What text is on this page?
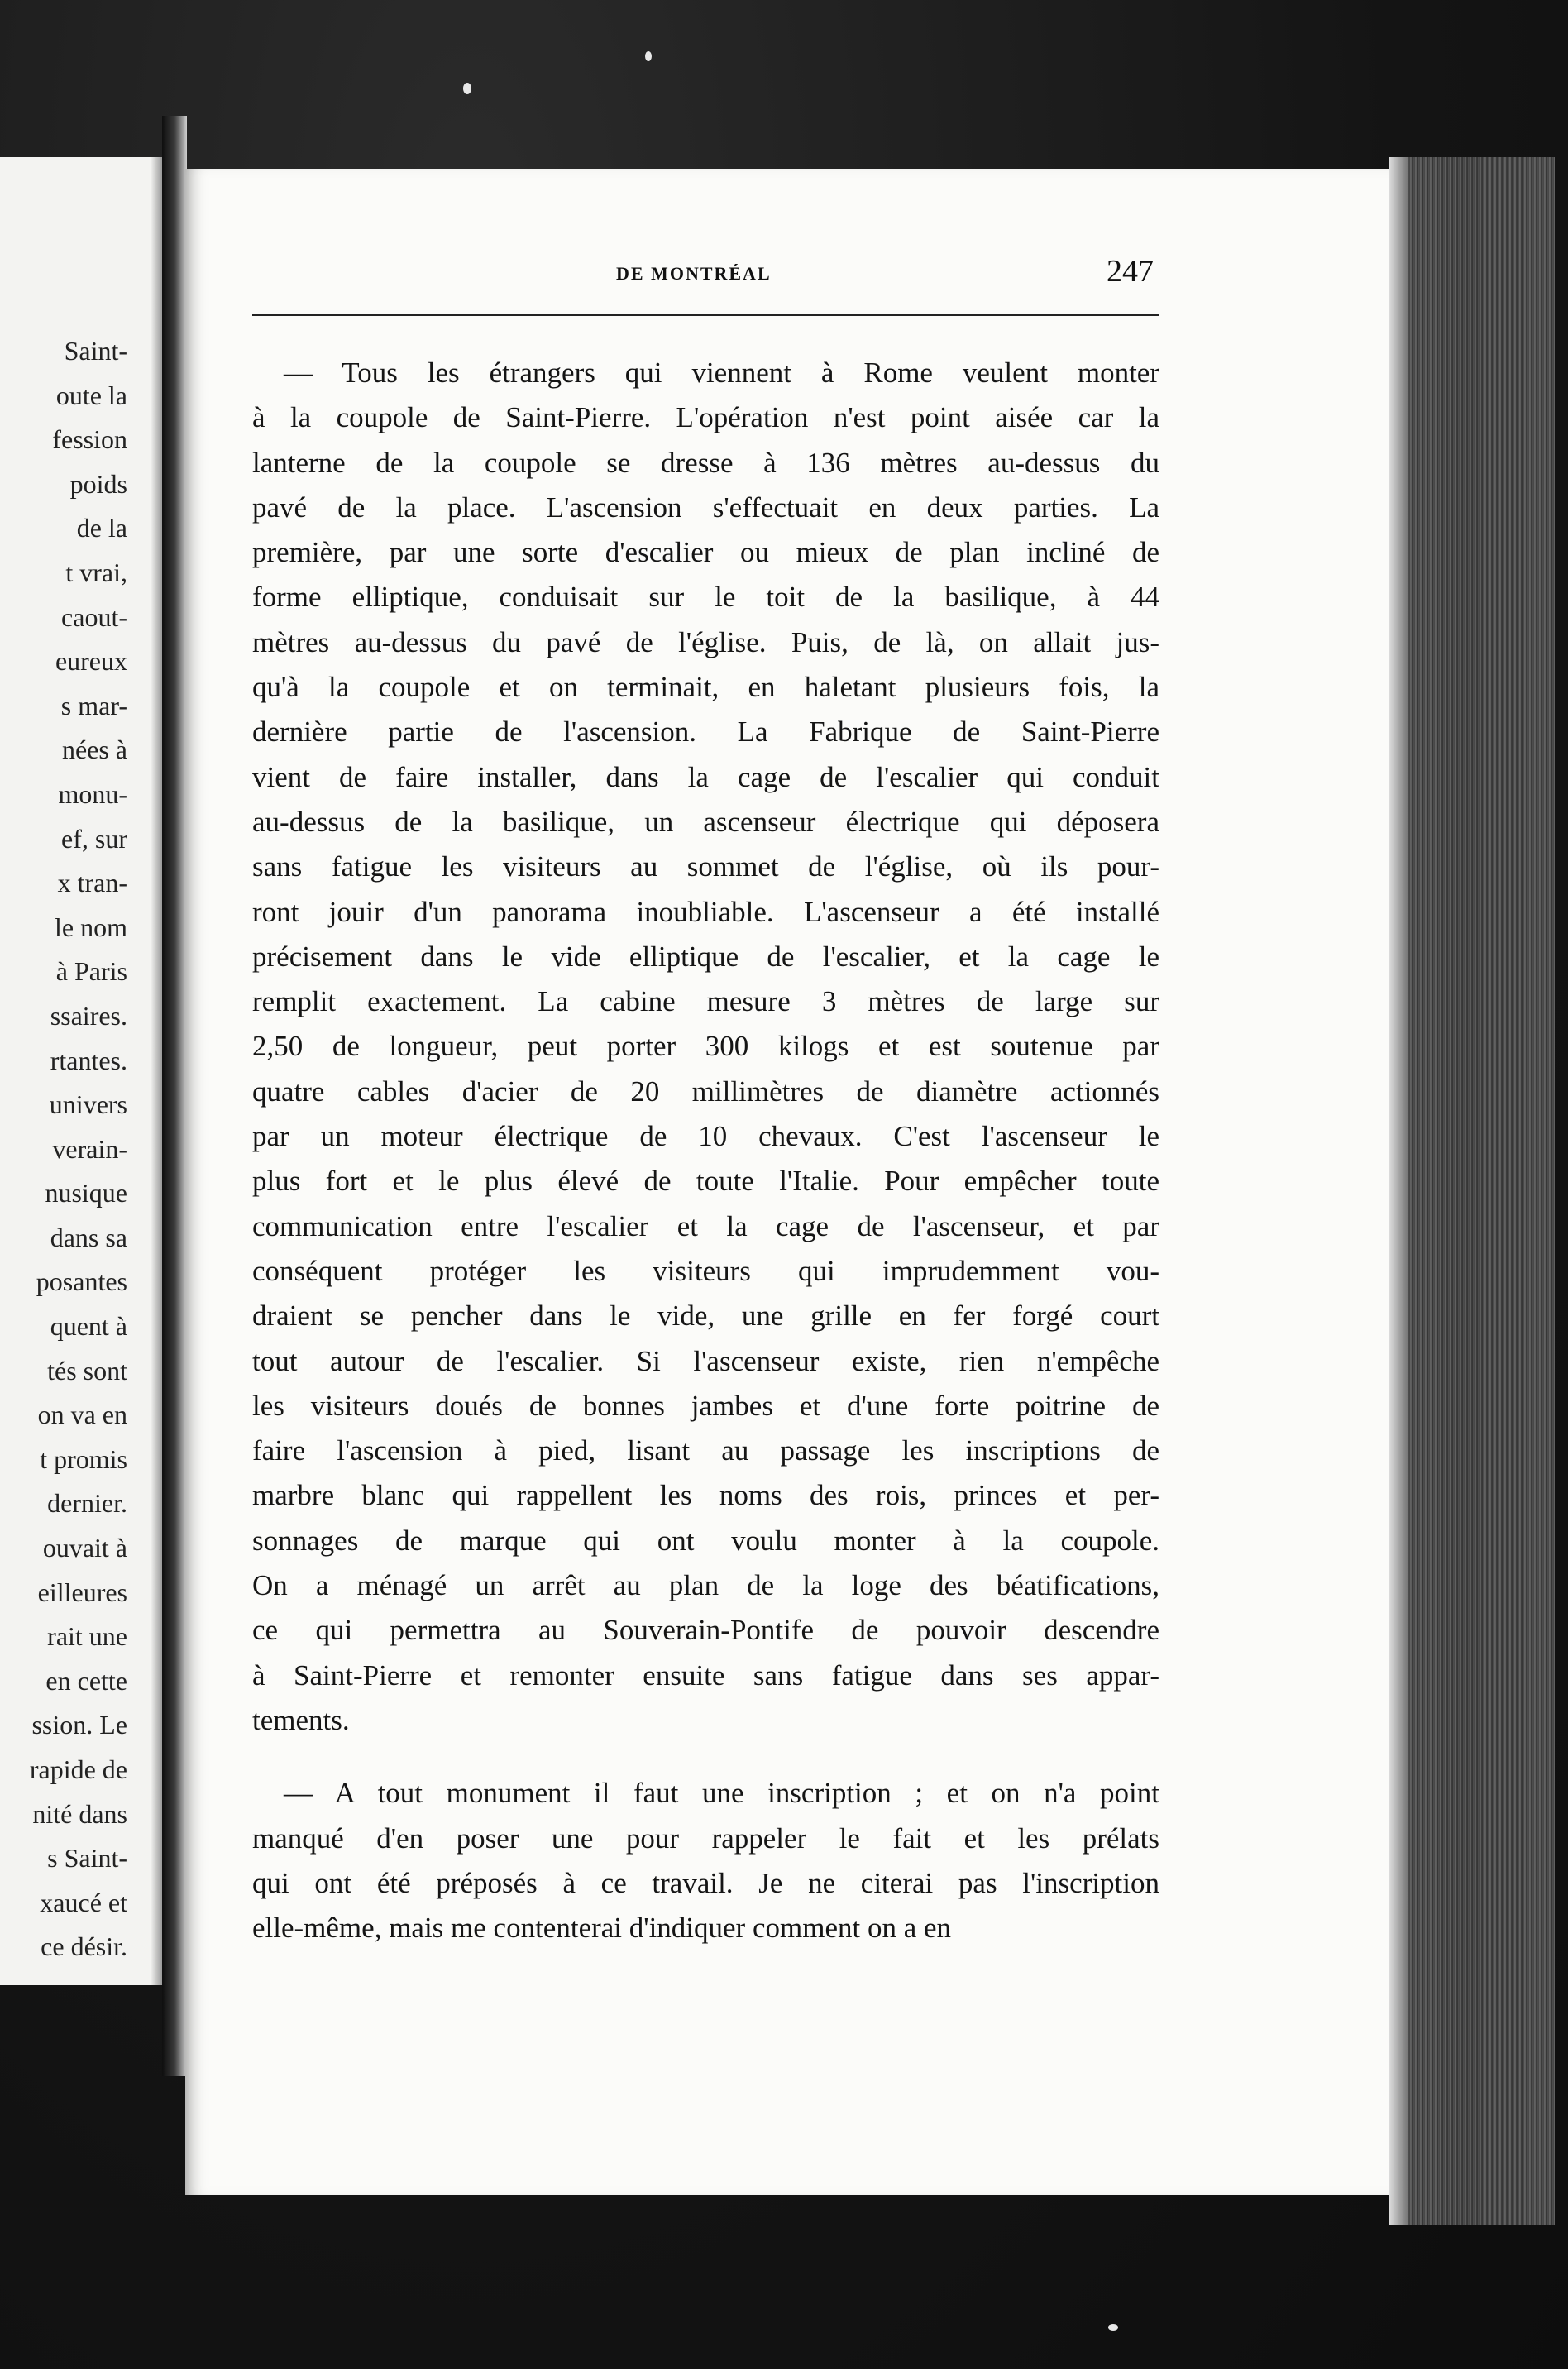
Saint-
oute la
fession
poids
de la
t vrai,
caout-
eureux
s mar-
nées à
monu-
ef, sur
x tran-
le nom
à Paris
ssaires.
rtantes.
univers
verain-
nusique
dans sa
posantes
quent à
tés sont
on va en
t promis
dernier.
ouvait à
eilleures
rait une
en cette
ssion. Le
rapide de
nité dans
s Saint-
xaucé et
ce désir.
DE MONTRÉAL	247

— Tous les étrangers qui viennent à Rome veulent monter
à la coupole de Saint-Pierre. L'opération n'est point aisée car la
lanterne de la coupole se dresse à 136 mètres au-dessus du
pavé de la place. L'ascension s'effectuait en deux parties. La
première, par une sorte d'escalier ou mieux de plan incliné de
forme elliptique, conduisait sur le toit de la basilique, à 44
mètres au-dessus du pavé de l'église. Puis, de là, on allait jus-
qu'à la coupole et on terminait, en haletant plusieurs fois, la
dernière partie de l'ascension. La Fabrique de Saint-Pierre
vient de faire installer, dans la cage de l'escalier qui conduit
au-dessus de la basilique, un ascenseur électrique qui déposera
sans fatigue les visiteurs au sommet de l'église, où ils pour-
ront jouir d'un panorama inoubliable. L'ascenseur a été installé
précisement dans le vide elliptique de l'escalier, et la cage le
remplit exactement. La cabine mesure 3 mètres de large sur
2,50 de longueur, peut porter 300 kilogs et est soutenue par
quatre cables d'acier de 20 millimètres de diamètre actionnés
par un moteur électrique de 10 chevaux. C'est l'ascenseur le
plus fort et le plus élevé de toute l'Italie. Pour empêcher toute
communication entre l'escalier et la cage de l'ascenseur, et par
conséquent protéger les visiteurs qui imprudemment vou-
draient se pencher dans le vide, une grille en fer forgé court
tout autour de l'escalier. Si l'ascenseur existe, rien n'empêche
les visiteurs doués de bonnes jambes et d'une forte poitrine de
faire l'ascension à pied, lisant au passage les inscriptions de
marbre blanc qui rappellent les noms des rois, princes et per-
sonnages de marque qui ont voulu monter à la coupole.
On a ménagé un arrêt au plan de la loge des béatifications,
ce qui permettra au Souverain-Pontife de pouvoir descendre
à Saint-Pierre et remonter ensuite sans fatigue dans ses appar-
tements.

— A tout monument il faut une inscription ; et on n'a point
manqué d'en poser une pour rappeler le fait et les prélats
qui ont été préposés à ce travail. Je ne citerai pas l'inscription
elle-même, mais me contenterai d'indiquer comment on a en
